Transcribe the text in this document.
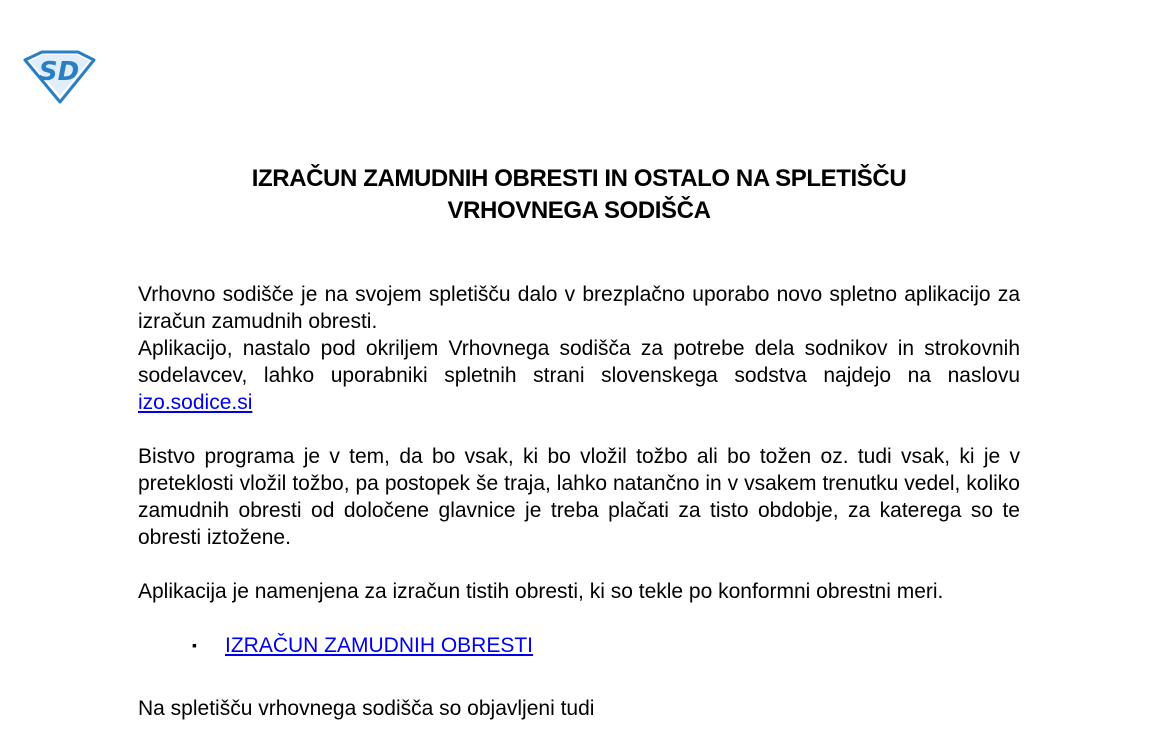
SD
IZRAČUN ZAMUDNIH OBRESTI IN OSTALO NA SPLETIŠČU
VRHOVNEGA SODIŠČA

Vrhovno sodišče je na svojem spletišču dalo v brezplačno uporabo novo spletno aplikacijo za izračun zamudnih obresti.

Aplikacijo, nastalo pod okriljem Vrhovnega sodišča za potrebe dela sodnikov in strokovnih sodelavcev, lahko uporabniki spletnih strani slovenskega sodstva najdejo na naslovu izo.sodice.si

Bistvo programa je v tem, da bo vsak, ki bo vložil tožbo ali bo tožen oz. tudi vsak, ki je v preteklosti vložil tožbo, pa postopek še traja, lahko natančno in v vsakem trenutku vedel, koliko zamudnih obresti od določene glavnice je treba plačati za tisto obdobje, za katerega so te obresti iztožene.

Aplikacija je namenjena za izračun tistih obresti, ki so tekle po konformni obrestni meri.

▪ IZRAČUN ZAMUDNIH OBRESTI

Na spletišču vrhovnega sodišča so objavljeni tudi
